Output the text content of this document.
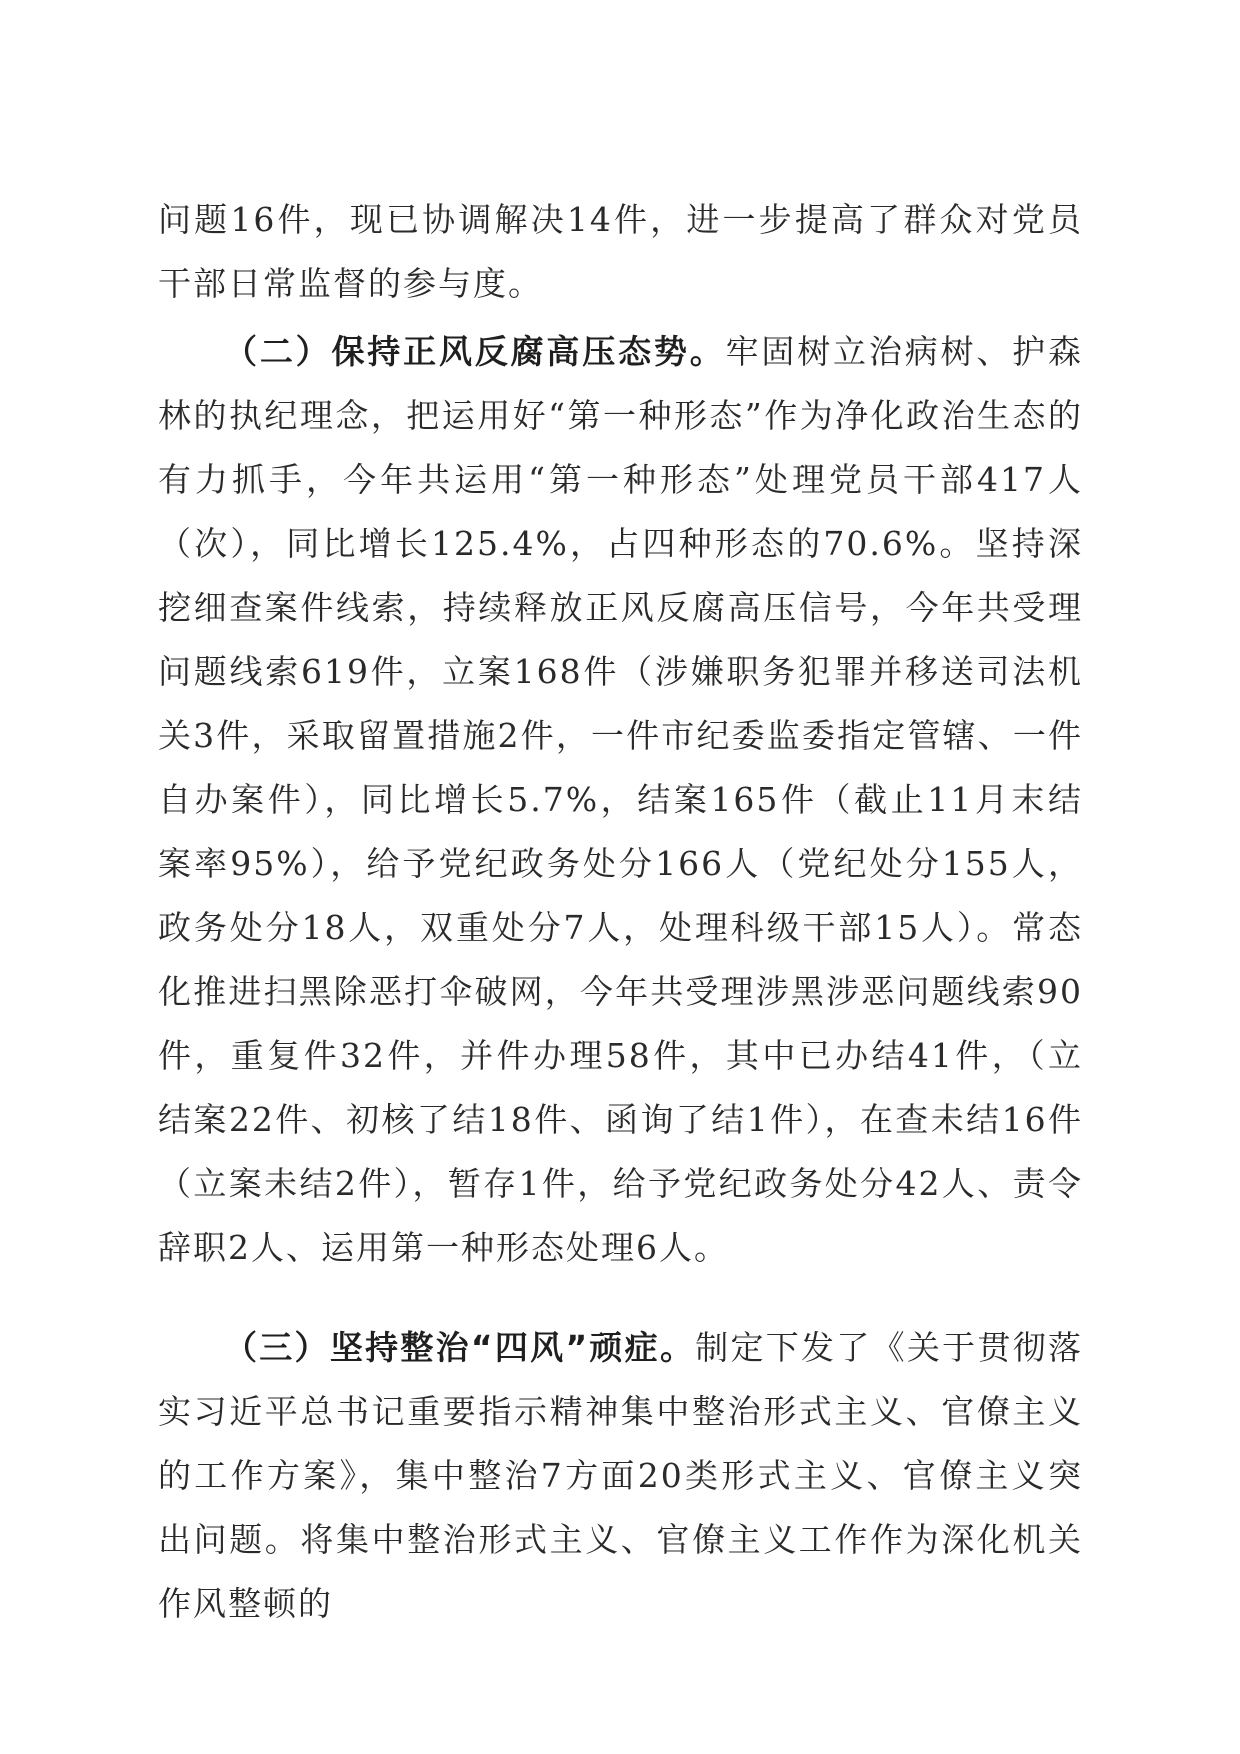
问题16件，现已协调解决14件，进一步提高了群众对党员干部日常监督的参与度。

（二）保持正风反腐高压态势。牢固树立治病树、护森林的执纪理念，把运用好“第一种形态”作为净化政治生态的有力抓手，今年共运用“第一种形态”处理党员干部417人（次），同比增长125.4%，占四种形态的70.6%。坚持深挖细查案件线索，持续释放正风反腐高压信号，今年共受理问题线索619件，立案168件（涉嫌职务犯罪并移送司法机关3件，采取留置措施2件，一件市纪委监委指定管辖、一件自办案件），同比增长5.7%，结案165件（截止11月末结案率95%），给予党纪政务处分166人（党纪处分155人，政务处分18人，双重处分7人，处理科级干部15人）。常态化推进扫黑除恶打伞破网，今年共受理涉黑涉恶问题线索90件，重复件32件，并件办理58件，其中已办结41件，（立结案22件、初核了结18件、函询了结1件），在查未结16件（立案未结2件），暂存1件，给予党纪政务处分42人、责令辞职2人、运用第一种形态处理6人。

（三）坚持整治“四风”顽症。制定下发了《关于贯彻落实习近平总书记重要指示精神集中整治形式主义、官僚主义的工作方案》，集中整治7方面20类形式主义、官僚主义突出问题。将集中整治形式主义、官僚主义工作作为深化机关作风整顿的
